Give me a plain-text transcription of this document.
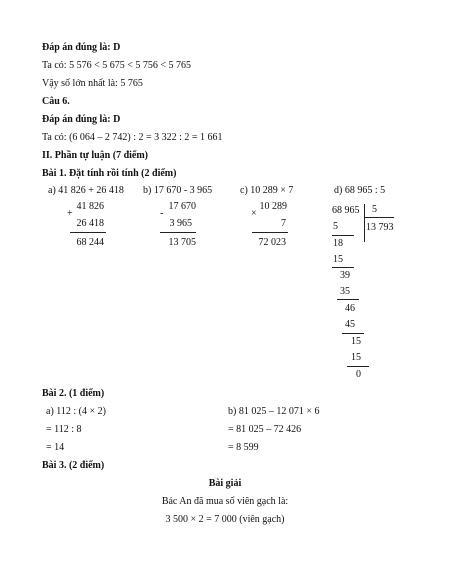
Đáp án đúng là: D
Ta có: 5 576 < 5 675 < 5 756 < 5 765
Vậy số lớn nhất là: 5 765
Câu 6.
Đáp án đúng là: D
Ta có: (6 064 – 2 742) : 2 = 3 322 : 2 = 1 661
II. Phần tự luận (7 điểm)
Bài 1. Đặt tính rồi tính (2 điểm)
a) 41 826 + 26 418 b) 17 670 - 3 965	c) 10 289 × 7	d) 68 965 : 5
+
41 826
26 418
68 244
-
17 670
3 965
13 705
×
10 289
7
72 023
68 965 5
13 793
5
18
15
39
35
46
45
15
15
0
Bài 2. (1 điểm)
a) 112 : (4 × 2)
= 112 : 8
= 14
b) 81 025 – 12 071 × 6
= 81 025 – 72 426
= 8 599
Bài 3. (2 điểm)
Bài giải
Bác An đã mua số viên gạch là:
3 500 × 2 = 7 000 (viên gạch)
